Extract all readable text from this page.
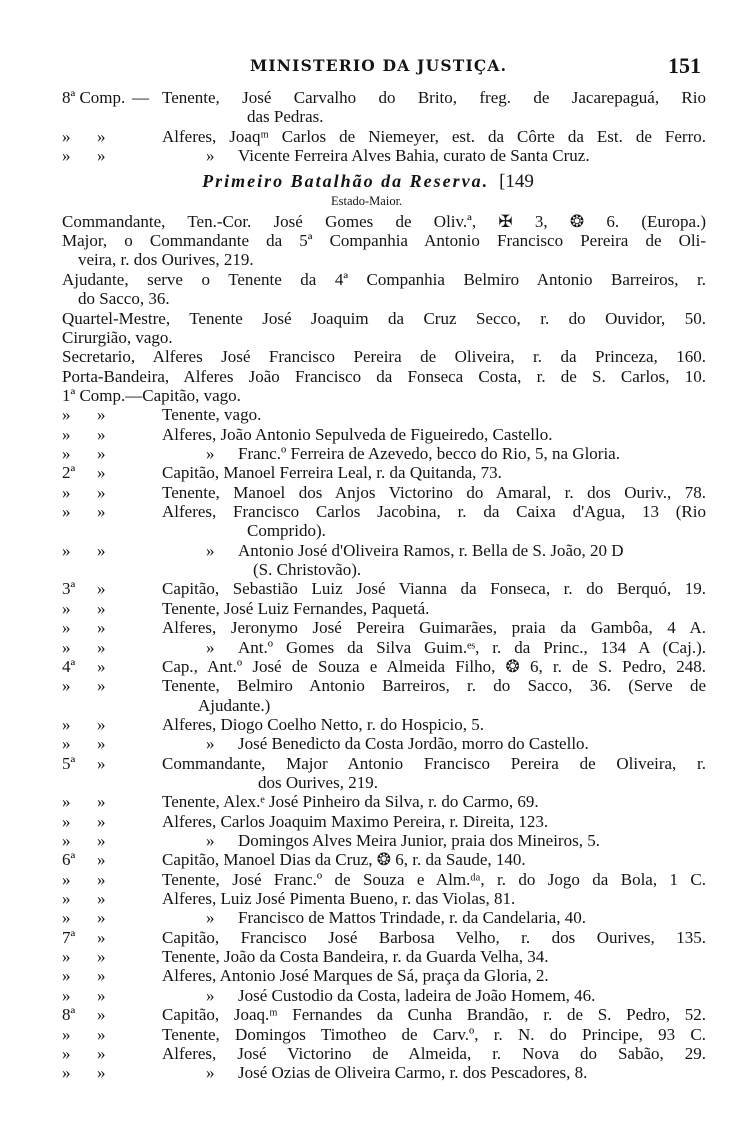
MINISTERIO DA JUSTIÇA.	151
8ª Comp. — Tenente, José Carvalho do Brito, freg. de Jacarepaguá, Rio
das Pedras.
» »	Alferes, Joaqᵐ Carlos de Niemeyer, est. da Côrte da Est. de Ferro.
» »	» Vicente Ferreira Alves Bahia, curato de Santa Cruz.
Primeiro Batalhão da Reserva. [149
Estado-Maior.
Commandante, Ten.-Cor. José Gomes de Oliv.ª, ✠ 3, ❂ 6. (Europa.)
Major, o Commandante da 5ª Companhia Antonio Francisco Pereira de Oli-
veira, r. dos Ourives, 219.
Ajudante, serve o Tenente da 4ª Companhia Belmiro Antonio Barreiros, r.
do Sacco, 36.
Quartel-Mestre, Tenente José Joaquim da Cruz Secco, r. do Ouvidor, 50.
Cirurgião, vago.
Secretario, Alferes José Francisco Pereira de Oliveira, r. da Princeza, 160.
Porta-Bandeira, Alferes João Francisco da Fonseca Costa, r. de S. Carlos, 10.
1ª Comp.—Capitão, vago.
» »	Tenente, vago.
» »	Alferes, João Antonio Sepulveda de Figueiredo, Castello.
» »	» Franc.º Ferreira de Azevedo, becco do Rio, 5, na Gloria.
2ª »	Capitão, Manoel Ferreira Leal, r. da Quitanda, 73.
» »	Tenente, Manoel dos Anjos Victorino do Amaral, r. dos Ouriv., 78.
» »	Alferes, Francisco Carlos Jacobina, r. da Caixa d'Agua, 13 (Rio
Comprido).
» »	» Antonio José d'Oliveira Ramos, r. Bella de S. João, 20 D
(S. Christovão).
3ª »	Capitão, Sebastião Luiz José Vianna da Fonseca, r. do Berquó, 19.
» »	Tenente, José Luiz Fernandes, Paquetá.
» »	Alferes, Jeronymo José Pereira Guimarães, praia da Gambôa, 4 A.
» »	» Ant.º Gomes da Silva Guim.ᵉˢ, r. da Princ., 134 A (Caj.).
4ª »	Cap., Ant.º José de Souza e Almeida Filho, ❂ 6, r. de S. Pedro, 248.
» »	Tenente, Belmiro Antonio Barreiros, r. do Sacco, 36. (Serve de
Ajudante.)
» »	Alferes, Diogo Coelho Netto, r. do Hospicio, 5.
» »	» José Benedicto da Costa Jordão, morro do Castello.
5ª »	Commandante, Major Antonio Francisco Pereira de Oliveira, r.
dos Ourives, 219.
» »	Tenente, Alex.ᵉ José Pinheiro da Silva, r. do Carmo, 69.
» »	Alferes, Carlos Joaquim Maximo Pereira, r. Direita, 123.
» »	» Domingos Alves Meira Junior, praia dos Mineiros, 5.
6ª »	Capitão, Manoel Dias da Cruz, ❂ 6, r. da Saude, 140.
» »	Tenente, José Franc.º de Souza e Alm.ᵈᵃ, r. do Jogo da Bola, 1 C.
» »	Alferes, Luiz José Pimenta Bueno, r. das Violas, 81.
» »	» Francisco de Mattos Trindade, r. da Candelaria, 40.
7ª »	Capitão, Francisco José Barbosa Velho, r. dos Ourives, 135.
» »	Tenente, João da Costa Bandeira, r. da Guarda Velha, 34.
» »	Alferes, Antonio José Marques de Sá, praça da Gloria, 2.
» »	» José Custodio da Costa, ladeira de João Homem, 46.
8ª »	Capitão, Joaq.ᵐ Fernandes da Cunha Brandão, r. de S. Pedro, 52.
» »	Tenente, Domingos Timotheo de Carv.º, r. N. do Principe, 93 C.
» »	Alferes, José Victorino de Almeida, r. Nova do Sabão, 29.
» »	» José Ozias de Oliveira Carmo, r. dos Pescadores, 8.
